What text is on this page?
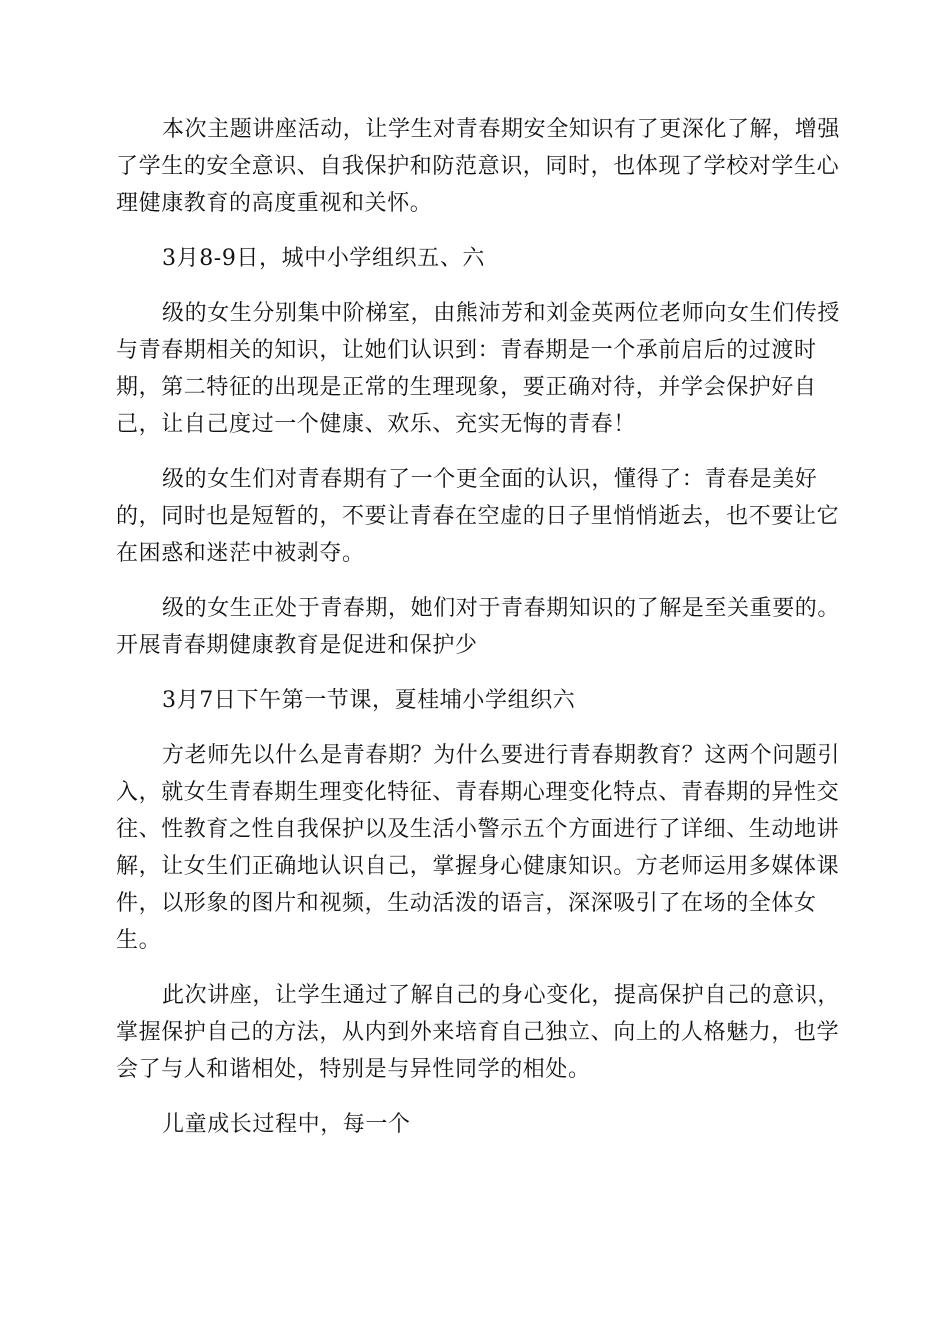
本次主题讲座活动，让学生对青春期安全知识有了更深化了解，增强
了学生的安全意识、自我保护和防范意识，同时，也体现了学校对学生心
理健康教育的高度重视和关怀。
3月8-9日，城中小学组织五、六
级的女生分别集中阶梯室，由熊沛芳和刘金英两位老师向女生们传授
与青春期相关的知识，让她们认识到：青春期是一个承前启后的过渡时
期，第二特征的出现是正常的生理现象，要正确对待，并学会保护好自
己，让自己度过一个健康、欢乐、充实无悔的青春！
级的女生们对青春期有了一个更全面的认识，懂得了：青春是美好
的，同时也是短暂的，不要让青春在空虚的日子里悄悄逝去，也不要让它
在困惑和迷茫中被剥夺。
级的女生正处于青春期，她们对于青春期知识的了解是至关重要的。
开展青春期健康教育是促进和保护少
3月7日下午第一节课，夏桂埔小学组织六
方老师先以什么是青春期？为什么要进行青春期教育？这两个问题引
入，就女生青春期生理变化特征、青春期心理变化特点、青春期的异性交
往、性教育之性自我保护以及生活小警示五个方面进行了详细、生动地讲
解，让女生们正确地认识自己，掌握身心健康知识。方老师运用多媒体课
件，以形象的图片和视频，生动活泼的语言，深深吸引了在场的全体女
生。
此次讲座，让学生通过了解自己的身心变化，提高保护自己的意识，
掌握保护自己的方法，从内到外来培育自己独立、向上的人格魅力，也学
会了与人和谐相处，特别是与异性同学的相处。
儿童成长过程中，每一个
